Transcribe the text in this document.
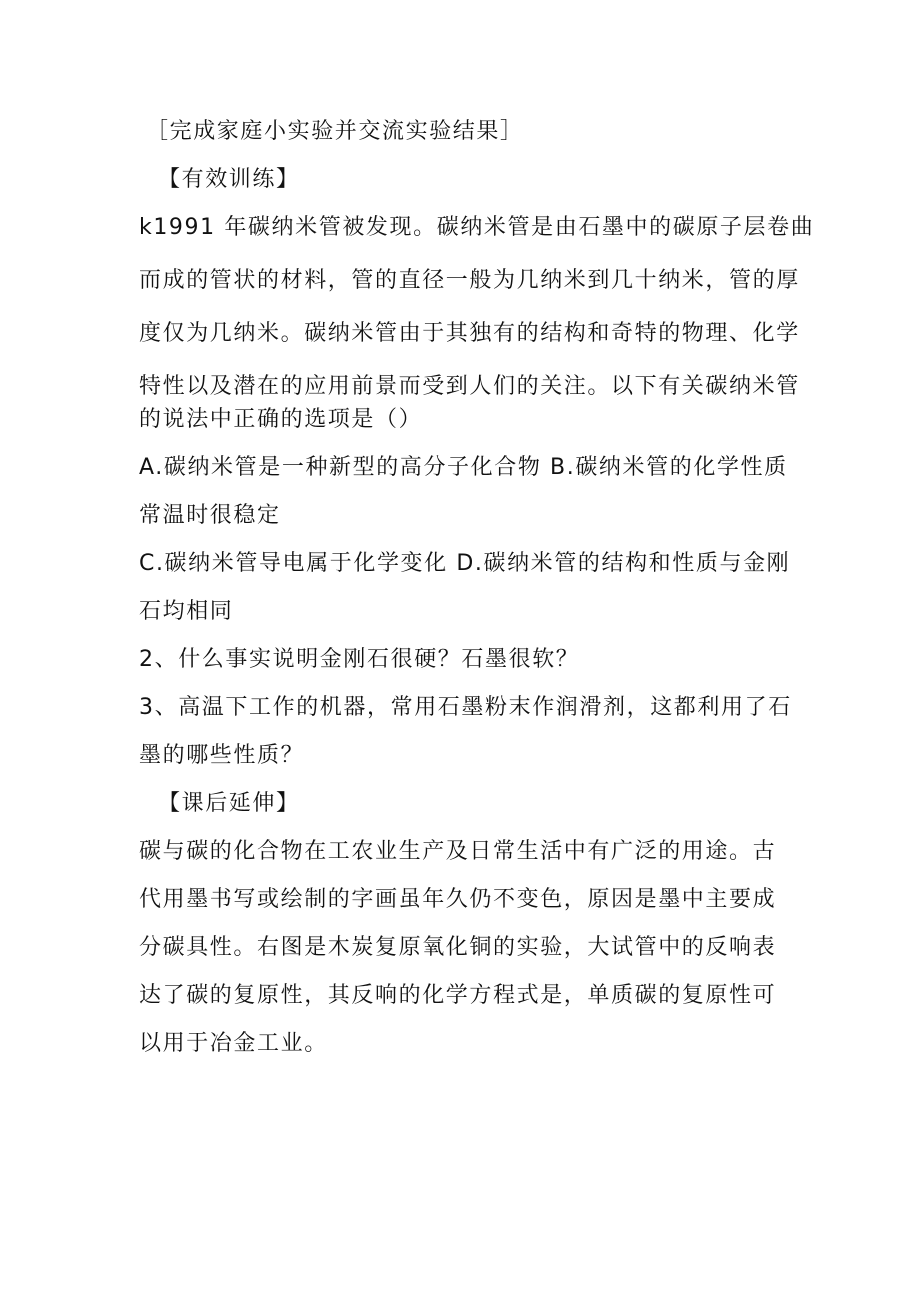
［完成家庭小实验并交流实验结果］
【有效训练】
k1991 年碳纳米管被发现。碳纳米管是由石墨中的碳原子层卷曲
而成的管状的材料，管的直径一般为几纳米到几十纳米，管的厚
度仅为几纳米。碳纳米管由于其独有的结构和奇特的物理、化学
特性以及潜在的应用前景而受到人们的关注。以下有关碳纳米管
的说法中正确的选项是（）
A.碳纳米管是一种新型的高分子化合物 B.碳纳米管的化学性质
常温时很稳定
C.碳纳米管导电属于化学变化 D.碳纳米管的结构和性质与金刚
石均相同
2、什么事实说明金刚石很硬？石墨很软？
3、高温下工作的机器，常用石墨粉末作润滑剂，这都利用了石
墨的哪些性质？
【课后延伸】
碳与碳的化合物在工农业生产及日常生活中有广泛的用途。古
代用墨书写或绘制的字画虽年久仍不变色，原因是墨中主要成
分碳具性。右图是木炭复原氧化铜的实验，大试管中的反响表
达了碳的复原性，其反响的化学方程式是，单质碳的复原性可
以用于冶金工业。
